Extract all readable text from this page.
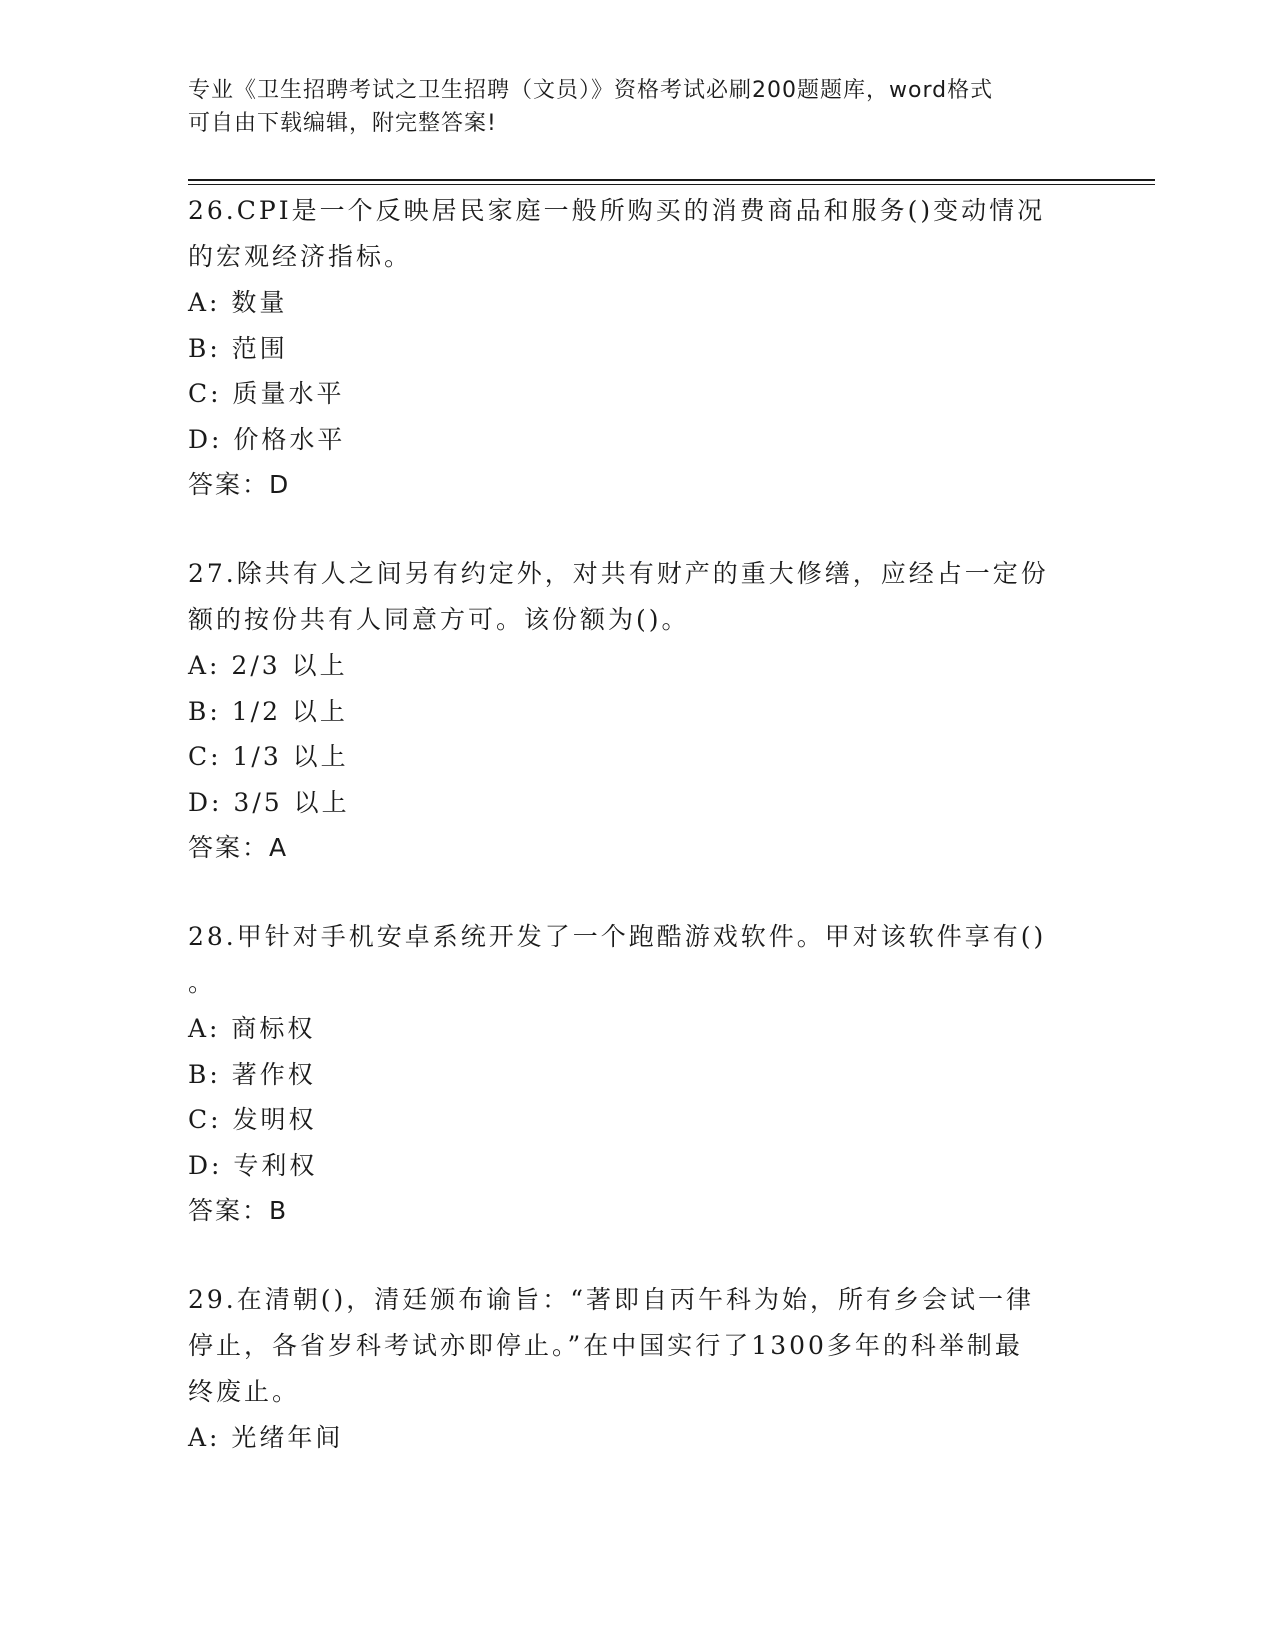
专业《卫生招聘考试之卫生招聘（文员）》资格考试必刷200题题库，word格式
可自由下载编辑，附完整答案!

26.CPI是一个反映居民家庭一般所购买的消费商品和服务()变动情况

的宏观经济指标。

A: 数量

B: 范围

C: 质量水平

D: 价格水平

答案：D

27.除共有人之间另有约定外，对共有财产的重大修缮，应经占一定份

额的按份共有人同意方可。该份额为()。

A: 2/3 以上

B: 1/2 以上

C: 1/3 以上

D: 3/5 以上

答案：A

28.甲针对手机安卓系统开发了一个跑酷游戏软件。甲对该软件享有()

。

A: 商标权

B: 著作权

C: 发明权

D: 专利权

答案：B

29.在清朝()，清廷颁布谕旨：“著即自丙午科为始，所有乡会试一律

停止，各省岁科考试亦即停止。”在中国实行了1300多年的科举制最

终废止。

A: 光绪年间
